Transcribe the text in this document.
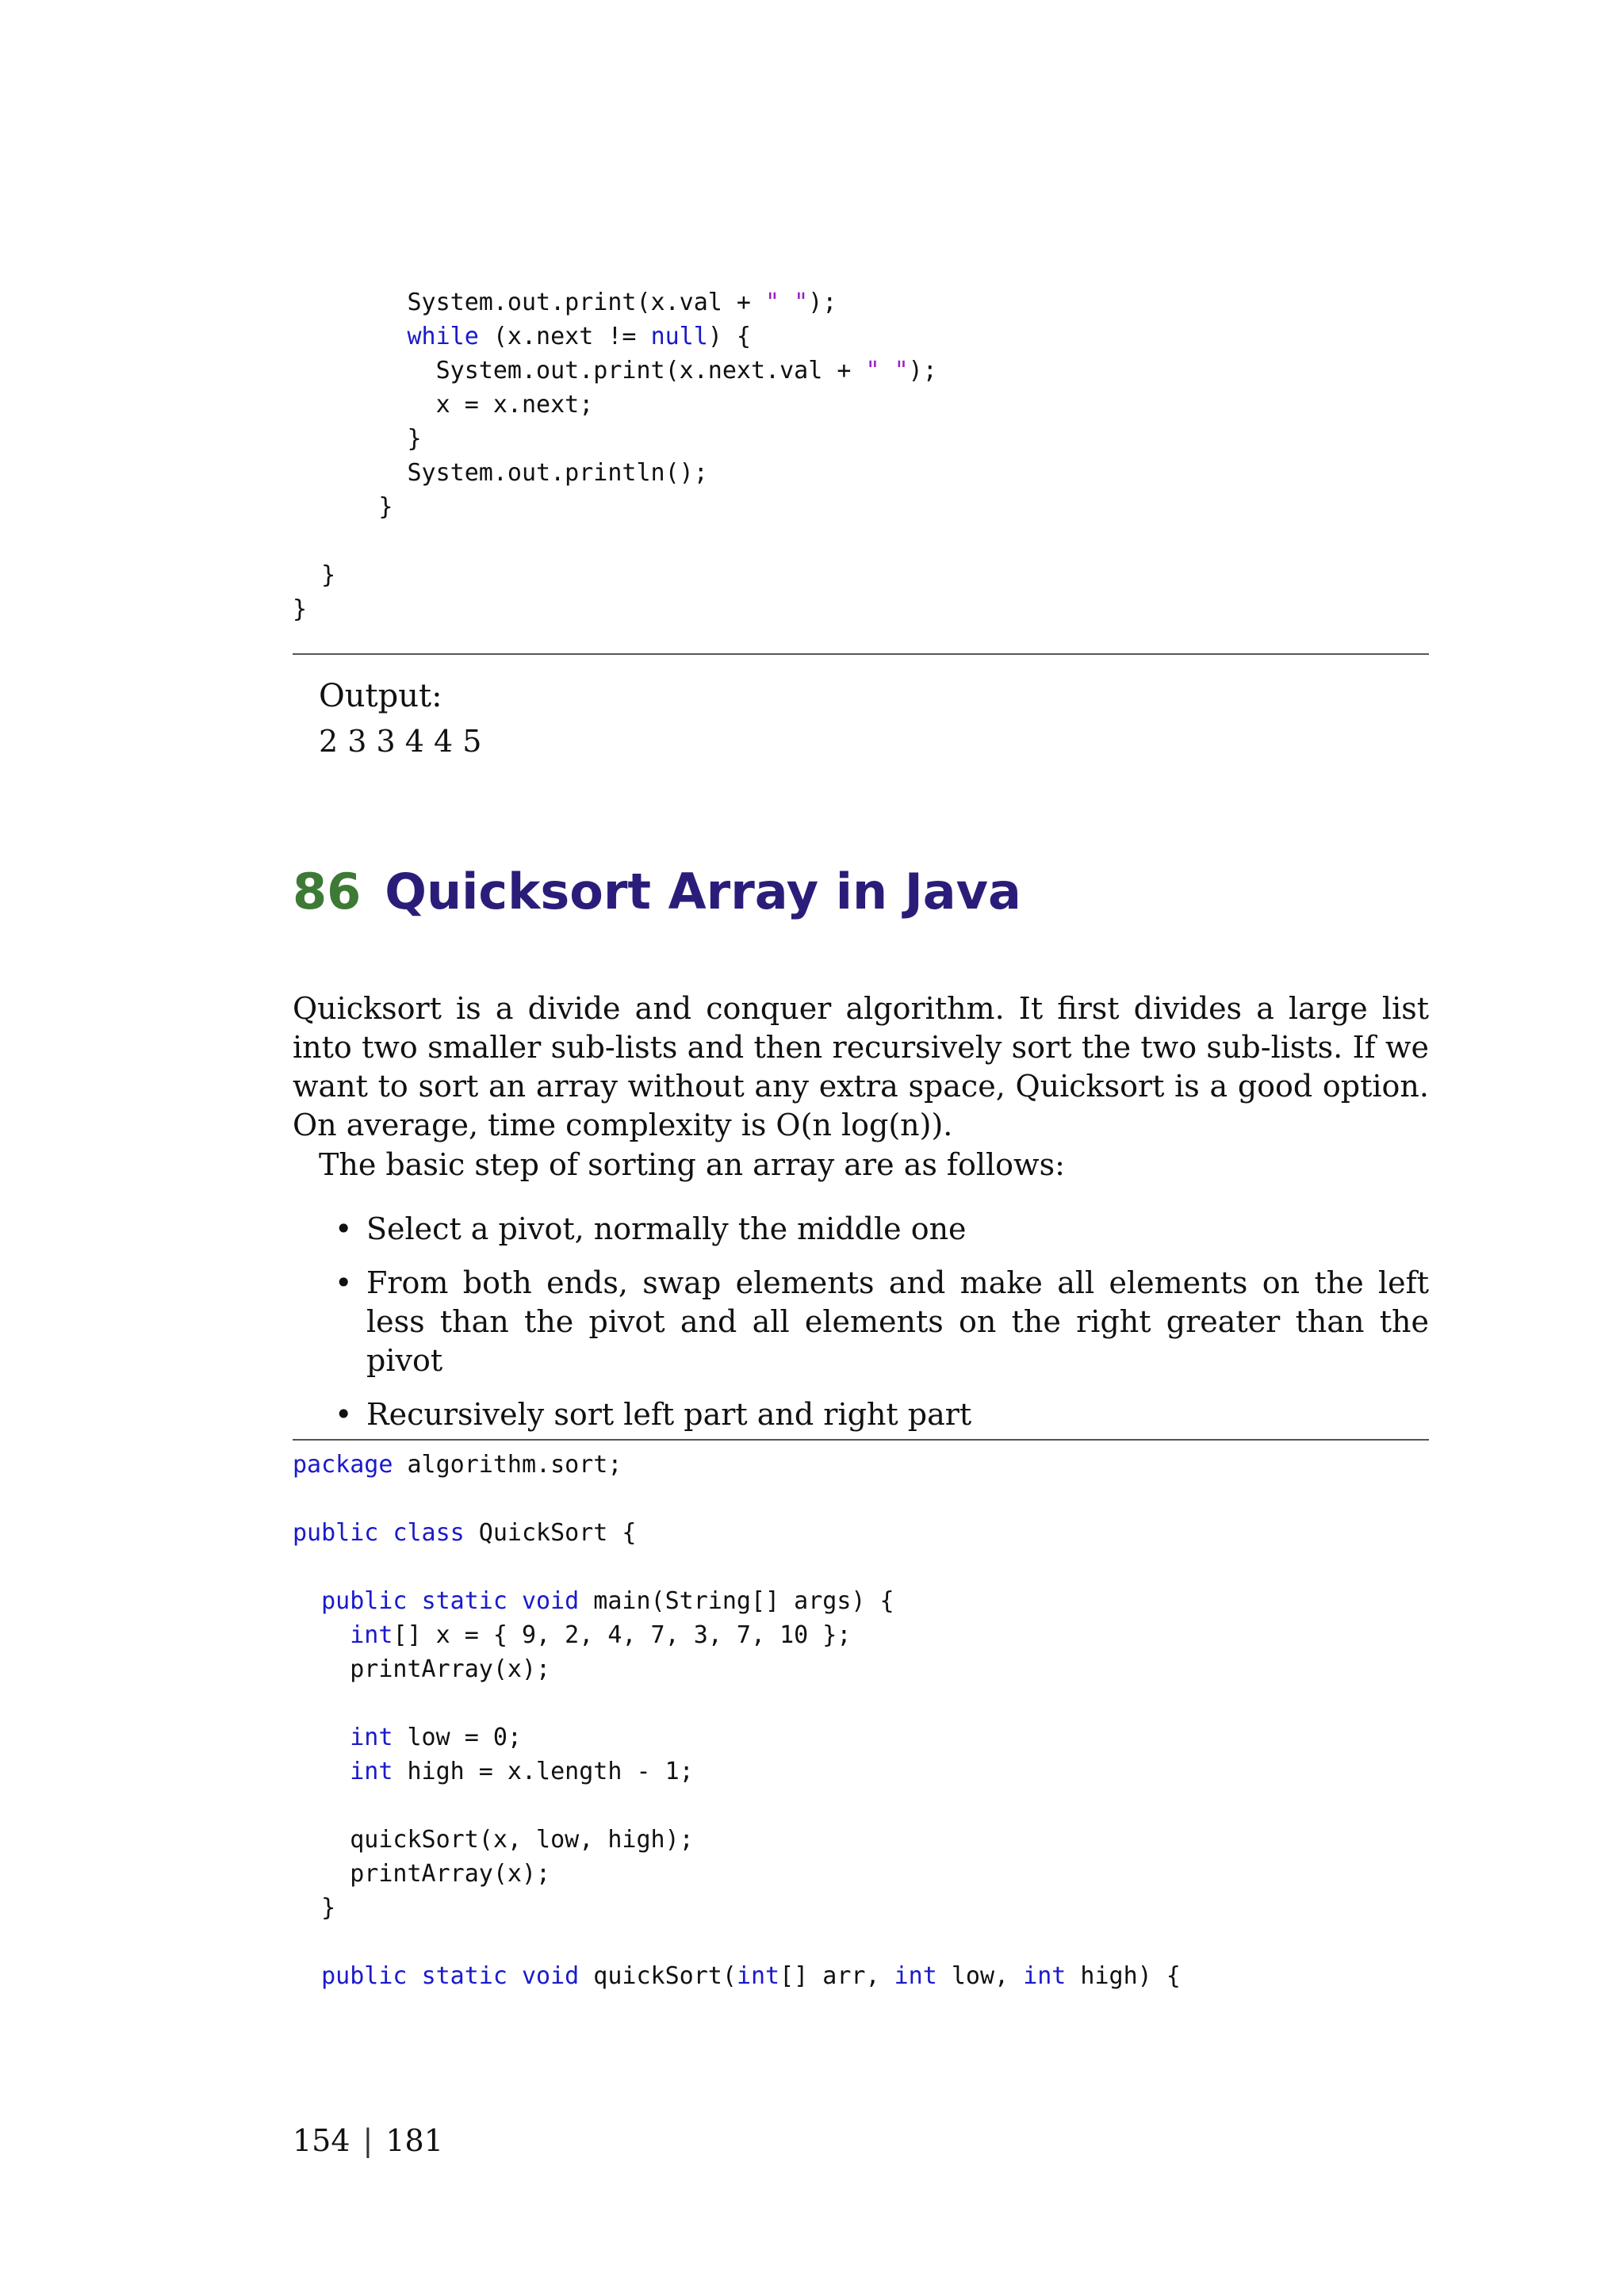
System.out.print(x.val + " ");
while (x.next != null) {
System.out.print(x.next.val + " ");
x = x.next;
}
System.out.println();
}
}
}
Output:
2 3 3 4 4 5
86 Quicksort Array in Java

Quicksort is a divide and conquer algorithm. It first divides a large list into two smaller sub-lists and then recursively sort the two sub-lists. If we want to sort an array without any extra space, Quicksort is a good option. On average, time complexity is O(n log(n)).

The basic step of sorting an array are as follows:

• Select a pivot, normally the middle one
• From both ends, swap elements and make all elements on the left less than the pivot and all elements on the right greater than the pivot
• Recursively sort left part and right part
package algorithm.sort;
public class QuickSort {
public static void main(String[] args) {
int[] x = { 9, 2, 4, 7, 3, 7, 10 };
printArray(x);
int low = 0;
int high = x.length - 1;
quickSort(x, low, high);
printArray(x);
}
public static void quickSort(int[] arr, int low, int high) {
154 | 181
